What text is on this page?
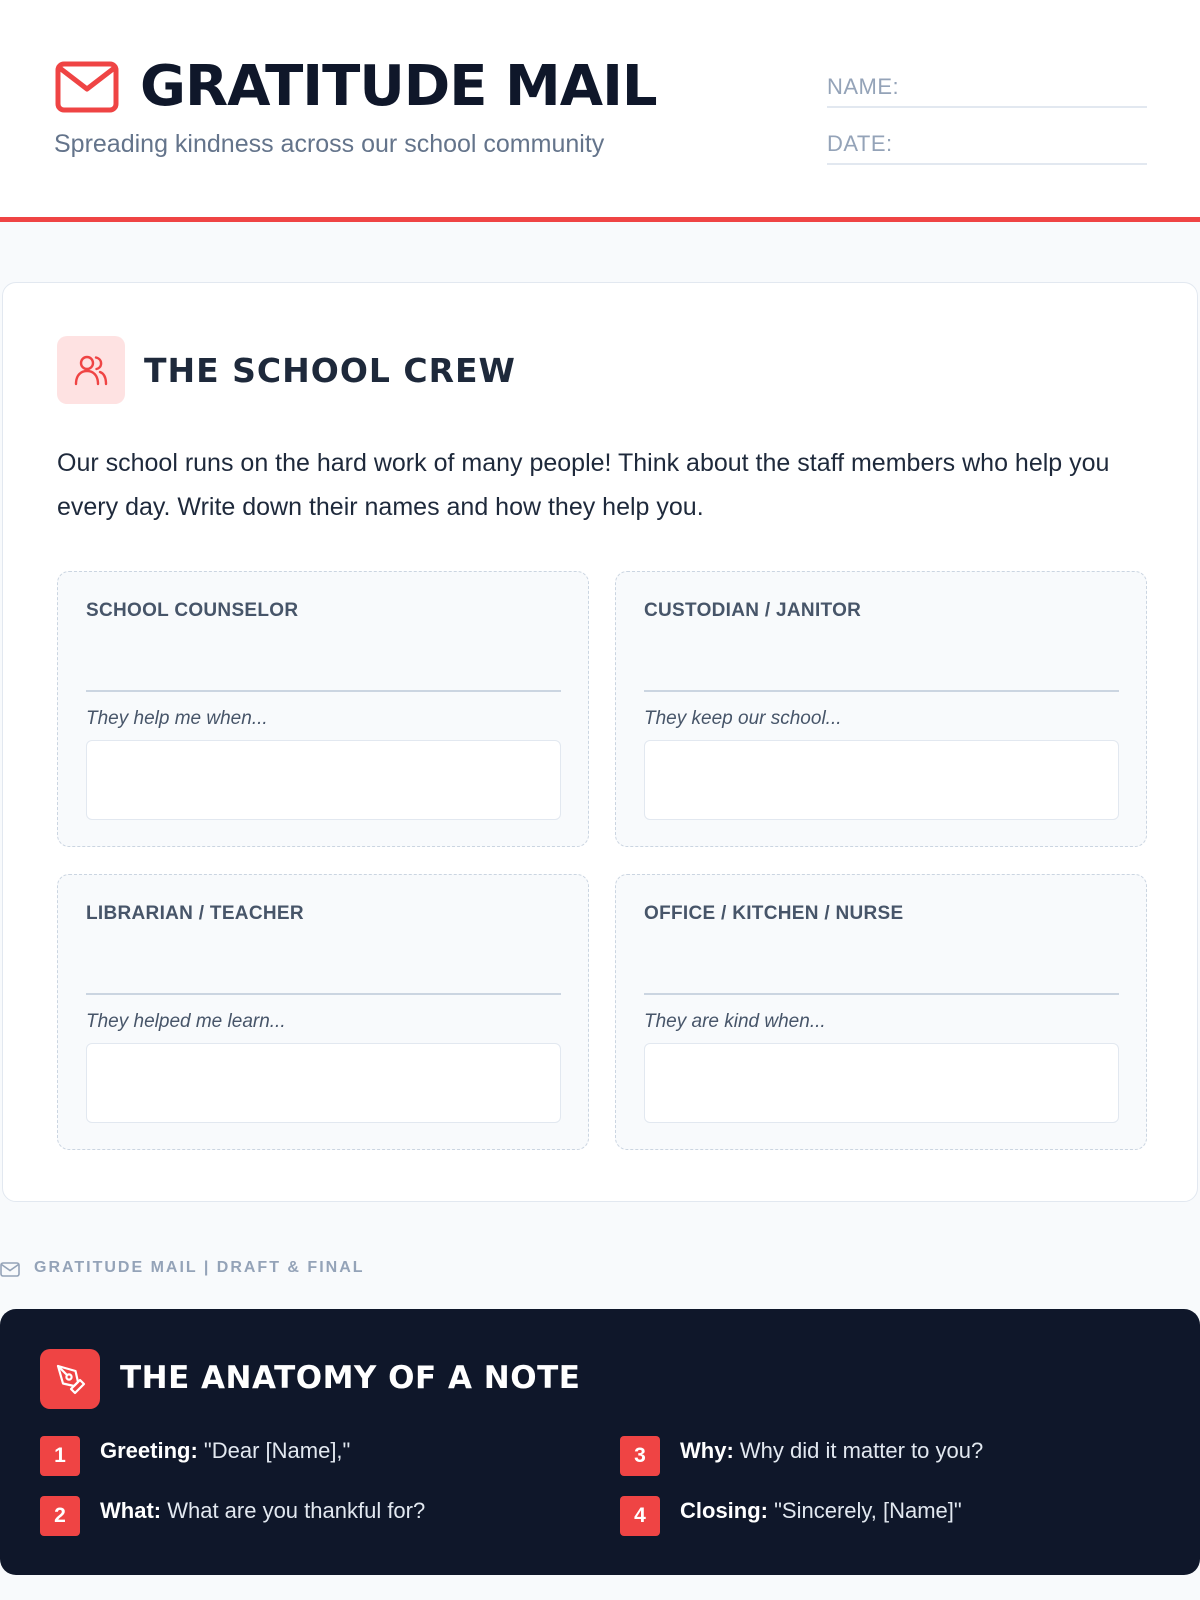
GRATITUDE MAIL
Spreading kindness across our school community
NAME:
DATE:
THE SCHOOL CREW
Our school runs on the hard work of many people! Think about the staff members who help you every day. Write down their names and how they help you.
SCHOOL COUNSELOR
They help me when...
CUSTODIAN / JANITOR
They keep our school...
LIBRARIAN / TEACHER
They helped me learn...
OFFICE / KITCHEN / NURSE
They are kind when...
GRATITUDE MAIL | DRAFT & FINAL
THE ANATOMY OF A NOTE
1	Greeting: "Dear [Name],"
2	What: What are you thankful for?
3	Why: Why did it matter to you?
4	Closing: "Sincerely, [Name]"
